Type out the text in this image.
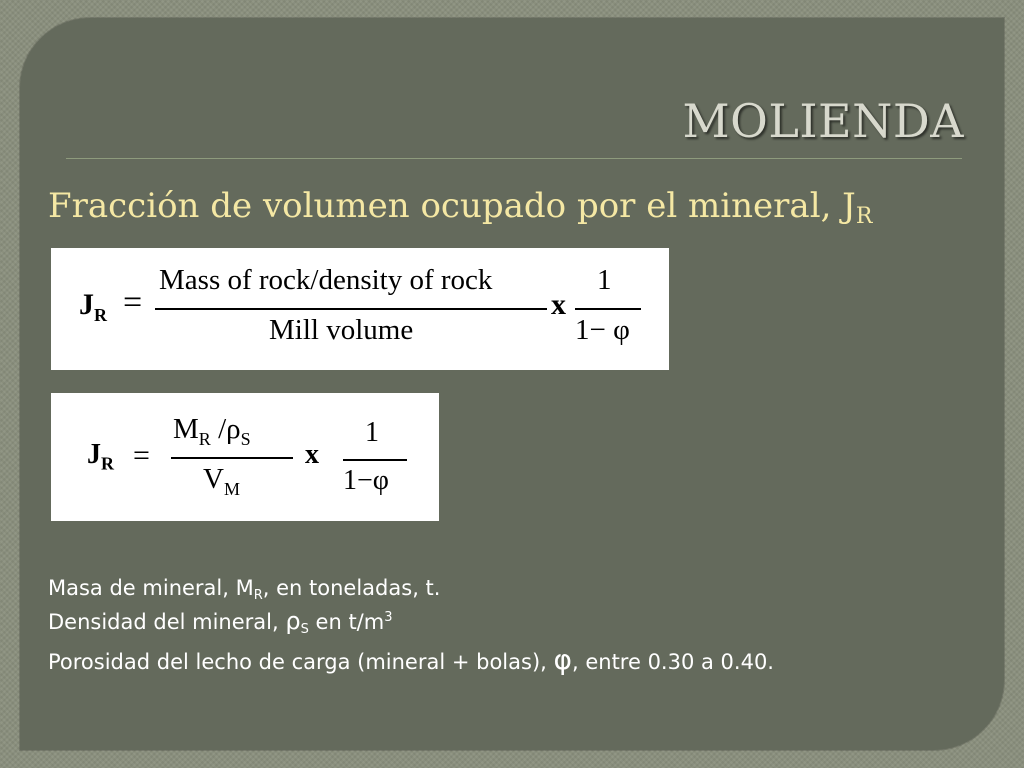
MOLIENDA
Fracción de volumen ocupado por el mineral, $J_R$
$J_R$ =
Mass of rock/density of rock
Mill volume
x
1
1− φ
$J_R$ =
$M_R$ $/\rho_S$
$V_M$
x
1
1−φ
Masa de mineral, $M_R$, en toneladas, t.
Densidad del mineral, $\rho_S$ en $t/m^3$
Porosidad del lecho de carga (mineral + bolas), φ, entre 0.30 a 0.40.
